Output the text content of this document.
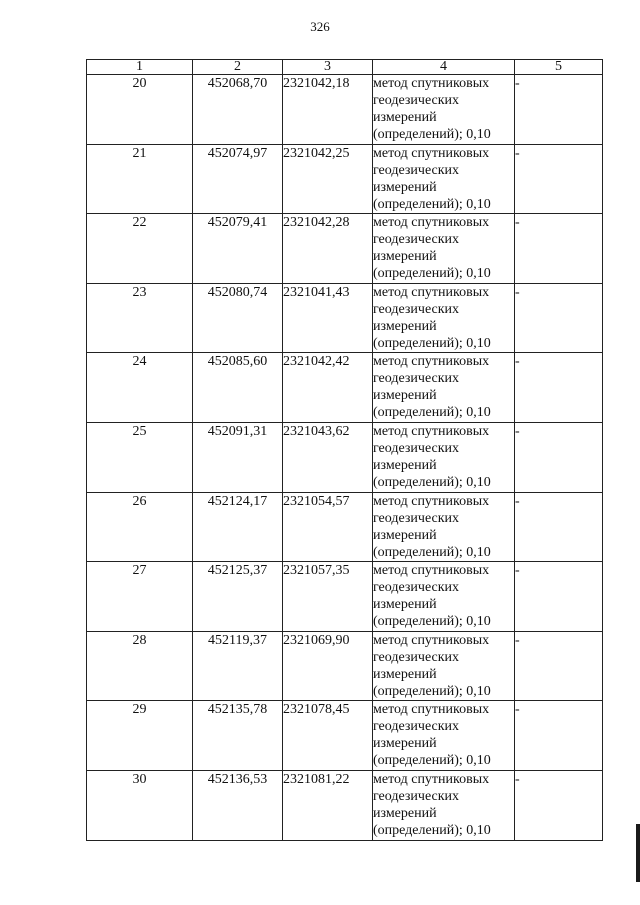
326
1	2	3	4	5
20	452068,70	2321042,18	метод спутниковых
геодезических
измерений
(определений); 0,10	-
21	452074,97	2321042,25	метод спутниковых
геодезических
измерений
(определений); 0,10	-
22	452079,41	2321042,28	метод спутниковых
геодезических
измерений
(определений); 0,10	-
23	452080,74	2321041,43	метод спутниковых
геодезических
измерений
(определений); 0,10	-
24	452085,60	2321042,42	метод спутниковых
геодезических
измерений
(определений); 0,10	-
25	452091,31	2321043,62	метод спутниковых
геодезических
измерений
(определений); 0,10	-
26	452124,17	2321054,57	метод спутниковых
геодезических
измерений
(определений); 0,10	-
27	452125,37	2321057,35	метод спутниковых
геодезических
измерений
(определений); 0,10	-
28	452119,37	2321069,90	метод спутниковых
геодезических
измерений
(определений); 0,10	-
29	452135,78	2321078,45	метод спутниковых
геодезических
измерений
(определений); 0,10	-
30	452136,53	2321081,22	метод спутниковых
геодезических
измерений
(определений); 0,10	-
